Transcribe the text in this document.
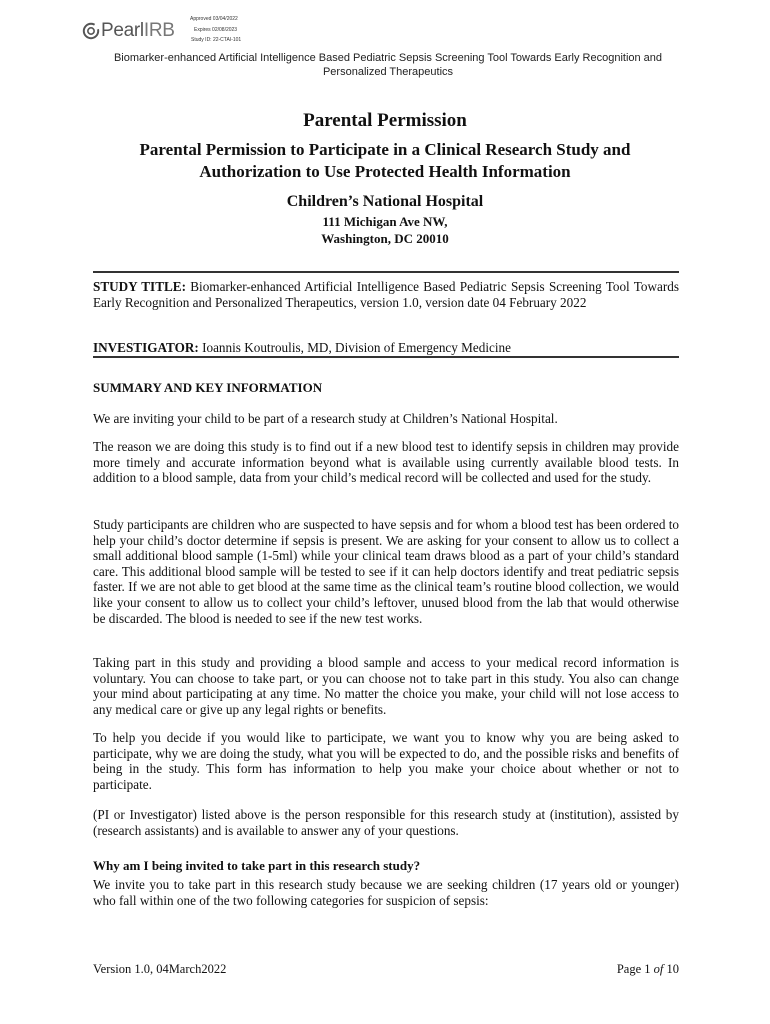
PearlIRB
Approved 03/04/2022
Expires 02/08/2023
Study ID: 22-CTAI-101
Biomarker-enhanced Artificial Intelligence Based Pediatric Sepsis Screening Tool Towards Early Recognition and Personalized Therapeutics
Parental Permission
Parental Permission to Participate in a Clinical Research Study and Authorization to Use Protected Health Information
Children’s National Hospital
111 Michigan Ave NW,
Washington, DC 20010
STUDY TITLE: Biomarker-enhanced Artificial Intelligence Based Pediatric Sepsis Screening Tool Towards Early Recognition and Personalized Therapeutics, version 1.0, version date 04 February 2022
INVESTIGATOR: Ioannis Koutroulis, MD, Division of Emergency Medicine
SUMMARY AND KEY INFORMATION
We are inviting your child to be part of a research study at Children’s National Hospital.
The reason we are doing this study is to find out if a new blood test to identify sepsis in children may provide more timely and accurate information beyond what is available using currently available blood tests. In addition to a blood sample, data from your child’s medical record will be collected and used for the study.
Study participants are children who are suspected to have sepsis and for whom a blood test has been ordered to help your child’s doctor determine if sepsis is present. We are asking for your consent to allow us to collect a small additional blood sample (1-5ml) while your clinical team draws blood as a part of your child’s standard care. This additional blood sample will be tested to see if it can help doctors identify and treat pediatric sepsis faster. If we are not able to get blood at the same time as the clinical team’s routine blood collection, we would like your consent to allow us to collect your child’s leftover, unused blood from the lab that would otherwise be discarded. The blood is needed to see if the new test works.
Taking part in this study and providing a blood sample and access to your medical record information is voluntary. You can choose to take part, or you can choose not to take part in this study. You also can change your mind about participating at any time. No matter the choice you make, your child will not lose access to any medical care or give up any legal rights or benefits.
To help you decide if you would like to participate, we want you to know why you are being asked to participate, why we are doing the study, what you will be expected to do, and the possible risks and benefits of being in the study. This form has information to help you make your choice about whether or not to participate.
(PI or Investigator) listed above is the person responsible for this research study at (institution), assisted by (research assistants) and is available to answer any of your questions.
Why am I being invited to take part in this research study?
We invite you to take part in this research study because we are seeking children (17 years old or younger) who fall within one of the two following categories for suspicion of sepsis:
Version 1.0, 04March2022	Page 1 of 10
